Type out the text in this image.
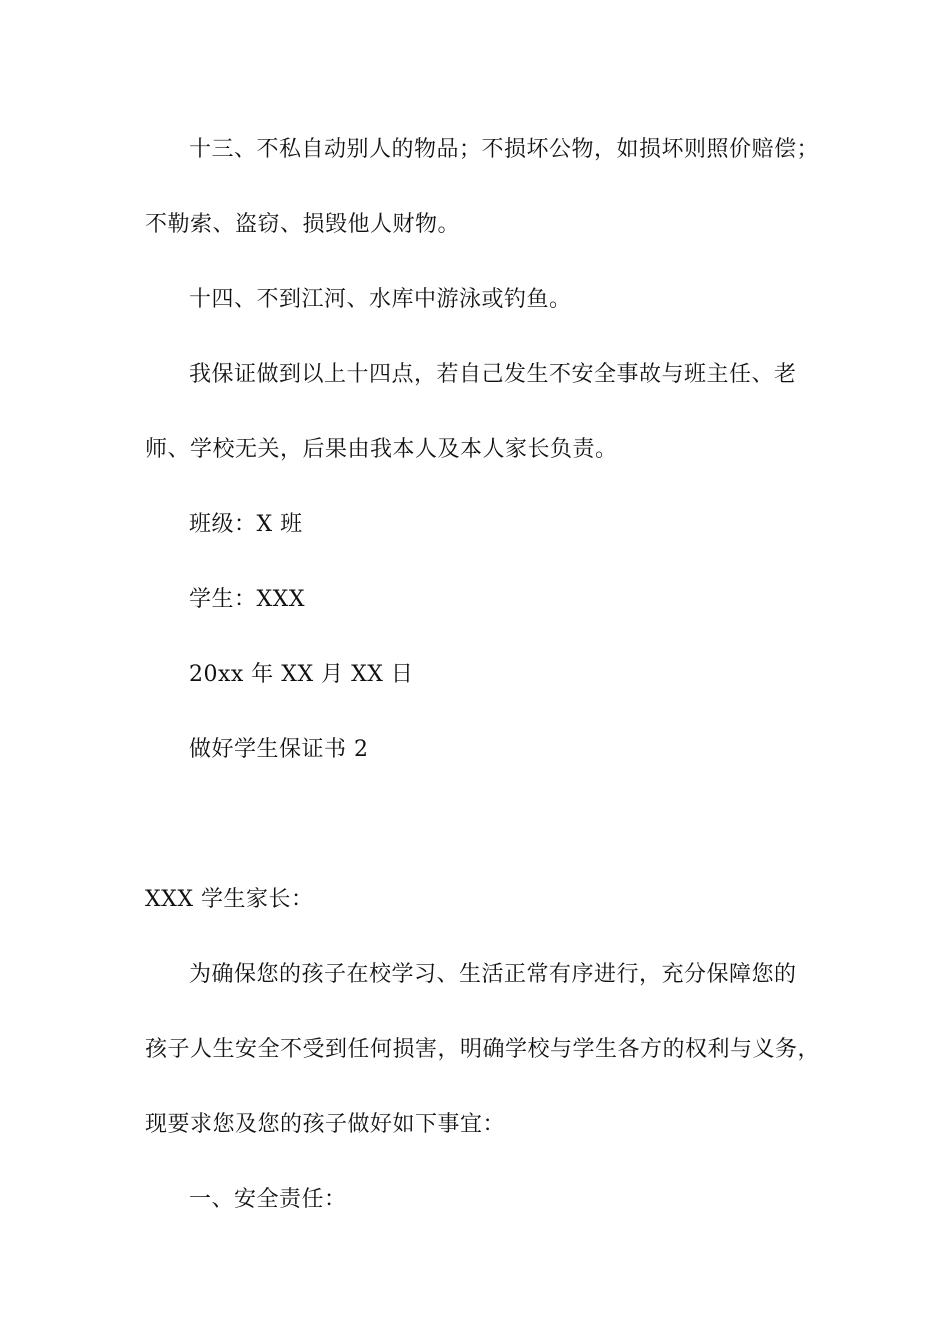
十三、不私自动别人的物品；不损坏公物，如损坏则照价赔偿；
不勒索、盗窃、损毁他人财物。
十四、不到江河、水库中游泳或钓鱼。
我保证做到以上十四点，若自己发生不安全事故与班主任、老
师、学校无关，后果由我本人及本人家长负责。
班级：X 班
学生：XXX
20xx 年 XX 月 XX 日
做好学生保证书 2
XXX 学生家长：
为确保您的孩子在校学习、生活正常有序进行，充分保障您的
孩子人生安全不受到任何损害，明确学校与学生各方的权利与义务，
现要求您及您的孩子做好如下事宜：
一、安全责任：
